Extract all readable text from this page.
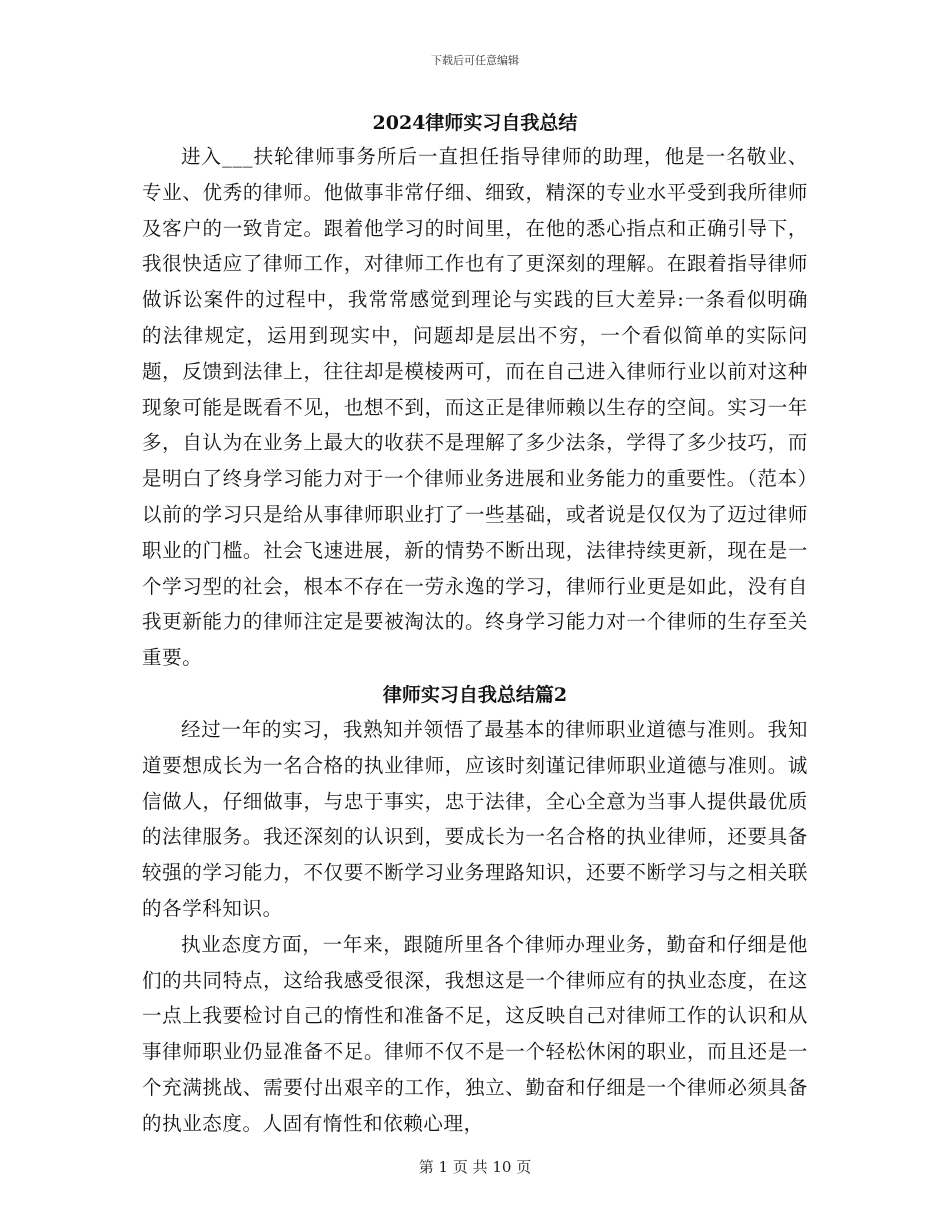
下载后可任意编辑
2024律师实习自我总结

进入___扶轮律师事务所后一直担任指导律师的助理，他是一名敬业、专业、优秀的律师。他做事非常仔细、细致，精深的专业水平受到我所律师及客户的一致肯定。跟着他学习的时间里，在他的悉心指点和正确引导下，我很快适应了律师工作，对律师工作也有了更深刻的理解。在跟着指导律师做诉讼案件的过程中，我常常感觉到理论与实践的巨大差异:一条看似明确的法律规定，运用到现实中，问题却是层出不穷，一个看似简单的实际问题，反馈到法律上，往往却是模棱两可，而在自己进入律师行业以前对这种现象可能是既看不见，也想不到，而这正是律师赖以生存的空间。实习一年多，自认为在业务上最大的收获不是理解了多少法条，学得了多少技巧，而是明白了终身学习能力对于一个律师业务进展和业务能力的重要性。（范本）以前的学习只是给从事律师职业打了一些基础，或者说是仅仅为了迈过律师职业的门槛。社会飞速进展，新的情势不断出现，法律持续更新，现在是一个学习型的社会，根本不存在一劳永逸的学习，律师行业更是如此，没有自我更新能力的律师注定是要被淘汰的。终身学习能力对一个律师的生存至关重要。

律师实习自我总结篇2

经过一年的实习，我熟知并领悟了最基本的律师职业道德与准则。我知道要想成长为一名合格的执业律师，应该时刻谨记律师职业道德与准则。诚信做人，仔细做事，与忠于事实，忠于法律，全心全意为当事人提供最优质的法律服务。我还深刻的认识到，要成长为一名合格的执业律师，还要具备较强的学习能力，不仅要不断学习业务理路知识，还要不断学习与之相关联的各学科知识。

执业态度方面，一年来，跟随所里各个律师办理业务，勤奋和仔细是他们的共同特点，这给我感受很深，我想这是一个律师应有的执业态度，在这一点上我要检讨自己的惰性和准备不足，这反映自己对律师工作的认识和从事律师职业仍显准备不足。律师不仅不是一个轻松休闲的职业，而且还是一个充满挑战、需要付出艰辛的工作，独立、勤奋和仔细是一个律师必须具备的执业态度。人固有惰性和依赖心理，

第 1 页 共 10 页
